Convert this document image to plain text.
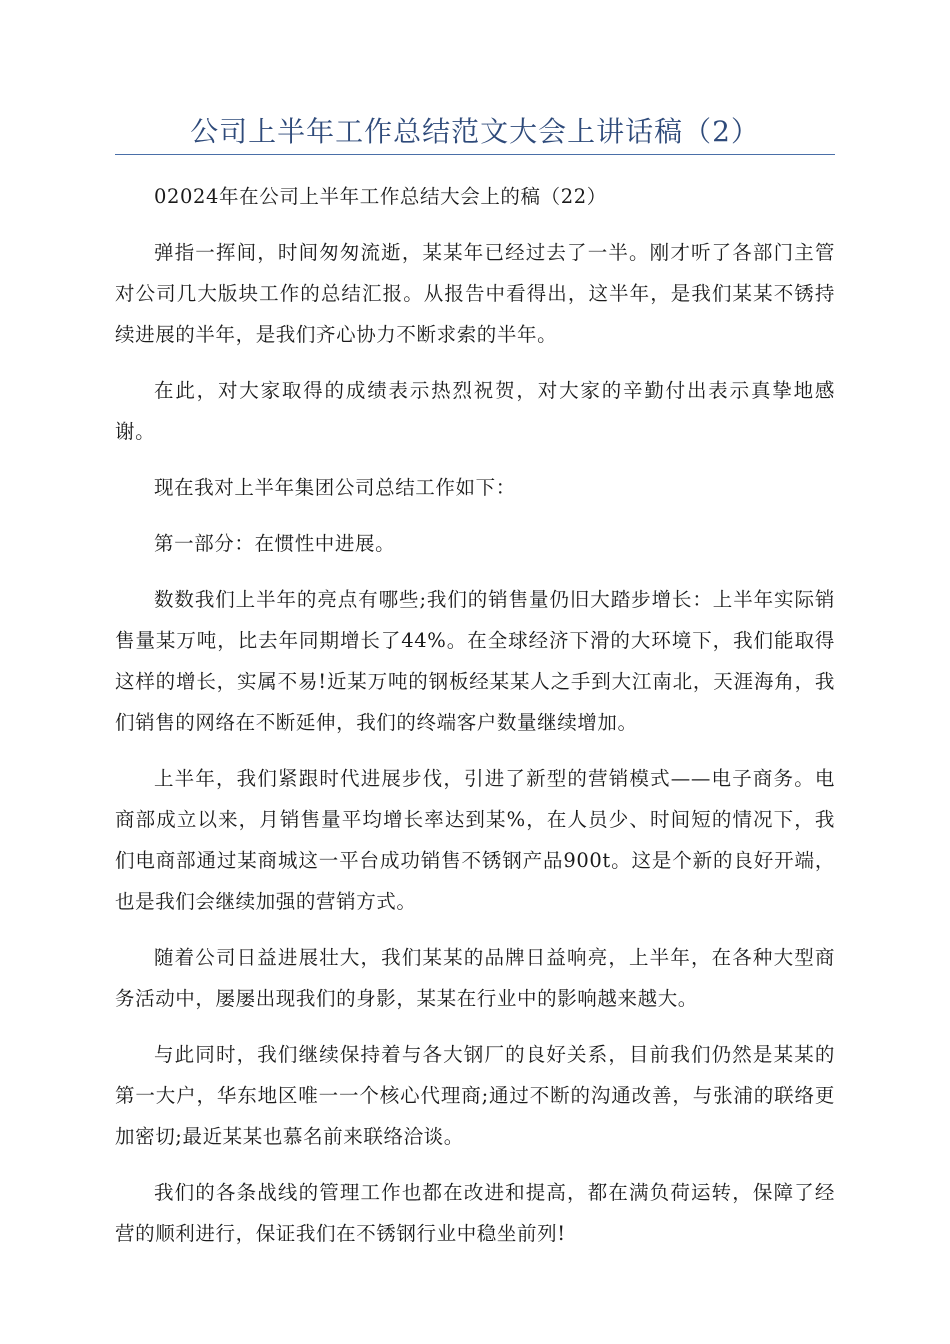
公司上半年工作总结范文大会上讲话稿（2）

02024年在公司上半年工作总结大会上的稿（22）

弹指一挥间，时间匆匆流逝，某某年已经过去了一半。刚才听了各部门主管对公司几大版块工作的总结汇报。从报告中看得出，这半年，是我们某某不锈持续进展的半年，是我们齐心协力不断求索的半年。

在此，对大家取得的成绩表示热烈祝贺，对大家的辛勤付出表示真挚地感谢。

现在我对上半年集团公司总结工作如下：

第一部分：在惯性中进展。

数数我们上半年的亮点有哪些;我们的销售量仍旧大踏步增长：上半年实际销售量某万吨，比去年同期增长了44%。在全球经济下滑的大环境下，我们能取得这样的增长，实属不易!近某万吨的钢板经某某人之手到大江南北，天涯海角，我们销售的网络在不断延伸，我们的终端客户数量继续增加。

上半年，我们紧跟时代进展步伐，引进了新型的营销模式——电子商务。电商部成立以来，月销售量平均增长率达到某%，在人员少、时间短的情况下，我们电商部通过某商城这一平台成功销售不锈钢产品900t。这是个新的良好开端，也是我们会继续加强的营销方式。

随着公司日益进展壮大，我们某某的品牌日益响亮，上半年，在各种大型商务活动中，屡屡出现我们的身影，某某在行业中的影响越来越大。

与此同时，我们继续保持着与各大钢厂的良好关系，目前我们仍然是某某的第一大户，华东地区唯一一个核心代理商;通过不断的沟通改善，与张浦的联络更加密切;最近某某也慕名前来联络洽谈。

我们的各条战线的管理工作也都在改进和提高，都在满负荷运转，保障了经营的顺利进行，保证我们在不锈钢行业中稳坐前列!
